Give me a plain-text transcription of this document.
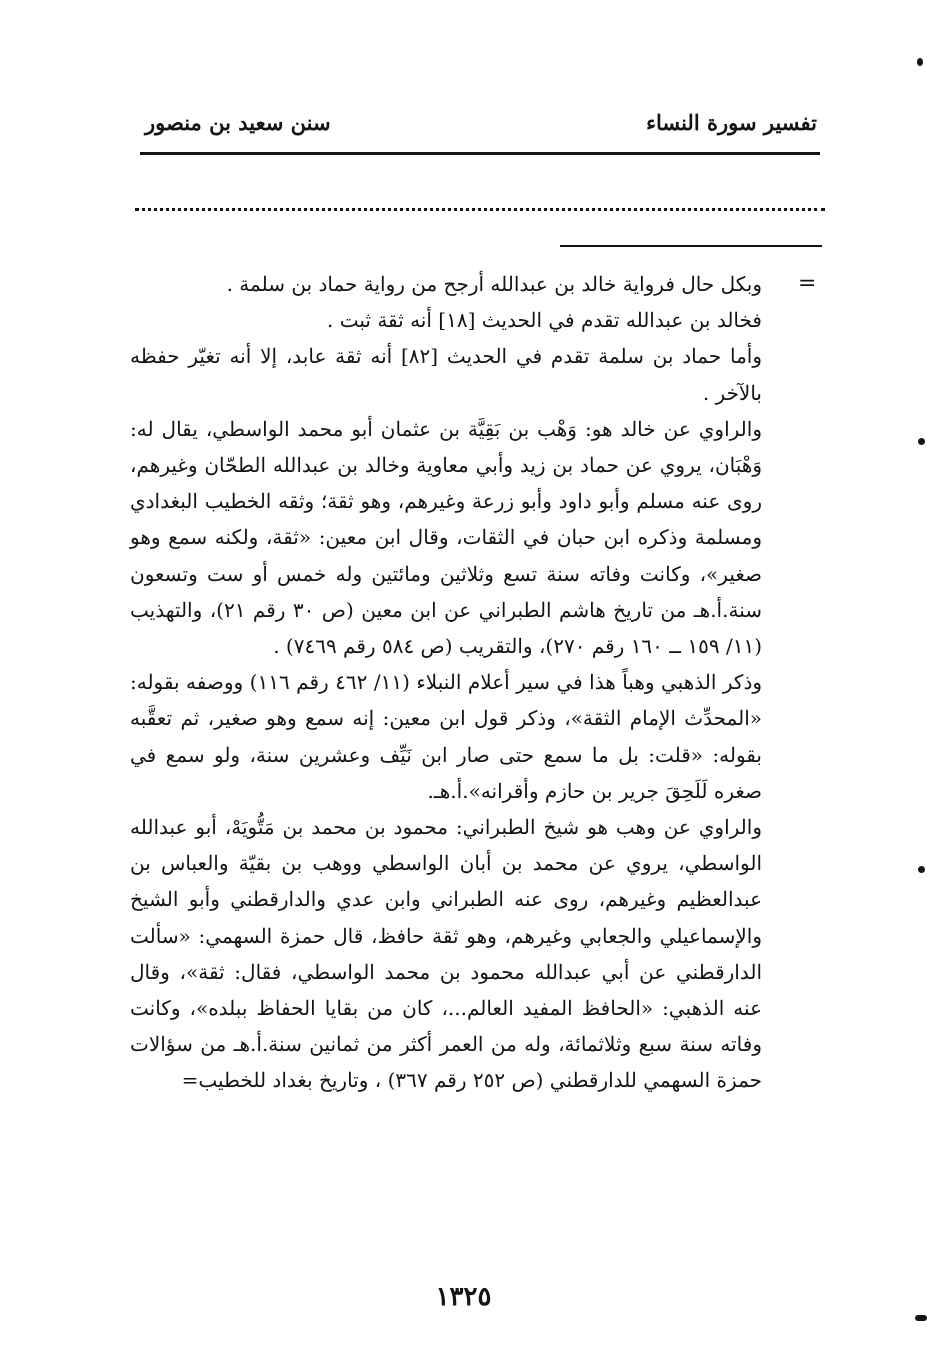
تفسير سورة النساء
سنن سعيد بن منصور
=

وبكل حال فرواية خالد بن عبدالله أرجح من رواية حماد بن سلمة .

فخالد بن عبدالله تقدم في الحديث [١٨] أنه ثقة ثبت .

وأما حماد بن سلمة تقدم في الحديث [٨٢] أنه ثقة عابد، إلا أنه تغيّر حفظه بالآخر .

والراوي عن خالد هو: وَهْب بن بَقِيَّة بن عثمان أبو محمد الواسطي، يقال له: وَهْبَان، يروي عن حماد بن زيد وأبي معاوية وخالد بن عبدالله الطحّان وغيرهم، روى عنه مسلم وأبو داود وأبو زرعة وغيرهم، وهو ثقة؛ وثقه الخطيب البغدادي ومسلمة وذكره ابن حبان في الثقات، وقال ابن معين: «ثقة، ولكنه سمع وهو صغير»، وكانت وفاته سنة تسع وثلاثين ومائتين وله خمس أو ست وتسعون سنة.أ.هـ من تاريخ هاشم الطبراني عن ابن معين (ص ٣٠ رقم ٢١)، والتهذيب (١١/ ١٥٩ ــ ١٦٠ رقم ٢٧٠)، والتقريب (ص ٥٨٤ رقم ٧٤٦٩) .

وذكر الذهبي وهباً هذا في سير أعلام النبلاء (١١/ ٤٦٢ رقم ١١٦) ووصفه بقوله: «المحدِّث الإمام الثقة»، وذكر قول ابن معين: إنه سمع وهو صغير، ثم تعقَّبه بقوله: «قلت: بل ما سمع حتى صار ابن نَيِّف وعشرين سنة، ولو سمع في صغره لَلَحِقَ جرير بن حازم وأقرانه».أ.هـ.

والراوي عن وهب هو شيخ الطبراني: محمود بن محمد بن مَتُّويَهْ، أبو عبدالله الواسطي، يروي عن محمد بن أبان الواسطي ووهب بن بقيّة والعباس بن عبدالعظيم وغيرهم، روى عنه الطبراني وابن عدي والدارقطني وأبو الشيخ والإسماعيلي والجعابي وغيرهم، وهو ثقة حافظ، قال حمزة السهمي: «سألت الدارقطني عن أبي عبدالله محمود بن محمد الواسطي، فقال: ثقة»، وقال عنه الذهبي: «الحافظ المفيد العالم...، كان من بقايا الحفاظ ببلده»، وكانت وفاته سنة سبع وثلاثمائة، وله من العمر أكثر من ثمانين سنة.أ.هـ من سؤالات حمزة السهمي للدارقطني (ص ٢٥٢ رقم ٣٦٧) ، وتاريخ بغداد للخطيب=

١٣٢٥
